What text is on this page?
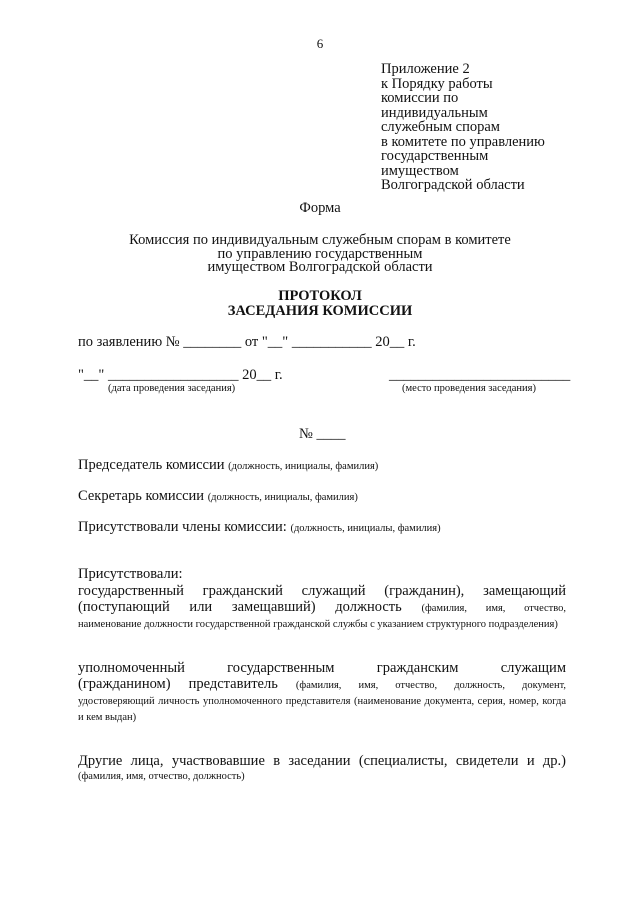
6
Приложение 2
к Порядку работы
комиссии по
индивидуальным
служебным спорам
в комитете по управлению
государственным
имуществом
Волгоградской области
Форма
Комиссия по индивидуальным служебным спорам в комитете
по управлению государственным
имуществом Волгоградской области
ПРОТОКОЛ
ЗАСЕДАНИЯ КОМИССИИ
по заявлению № ________ от "__" ___________ 20__ г.
"__" __________________ 20__ г.
(дата проведения заседания)
_________________________
(место проведения заседания)
№ ____
Председатель комиссии (должность, инициалы, фамилия)
Секретарь комиссии (должность, инициалы, фамилия)
Присутствовали члены комиссии: (должность, инициалы, фамилия)
Присутствовали:
государственный гражданский служащий (гражданин), замещающий
(поступающий или замещавший) должность (фамилия, имя, отчество,
наименование должности государственной гражданской службы с указанием структурного подразделения)
уполномоченный государственным гражданским служащим
(гражданином) представитель (фамилия, имя, отчество, должность, документ,
удостоверяющий личность уполномоченного представителя (наименование документа, серия, номер, когда и кем выдан)
Другие лица, участвовавшие в заседании (специалисты, свидетели и др.)
(фамилия, имя, отчество, должность)
